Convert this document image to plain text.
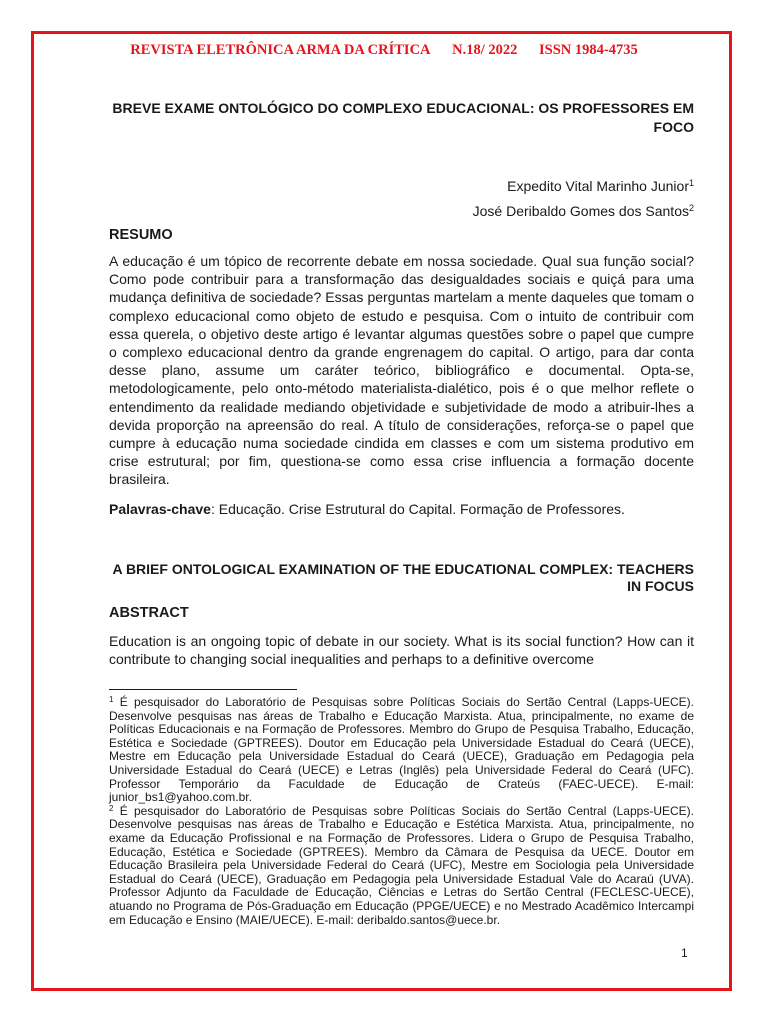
REVISTA ELETRÔNICA ARMA DA CRÍTICA N.18/ 2022 ISSN 1984-4735
BREVE EXAME ONTOLÓGICO DO COMPLEXO EDUCACIONAL: OS PROFESSORES EM FOCO
Expedito Vital Marinho Junior$^1$
José Deribaldo Gomes dos Santos$^2$
RESUMO
A educação é um tópico de recorrente debate em nossa sociedade. Qual sua função social? Como pode contribuir para a transformação das desigualdades sociais e quiçá para uma mudança definitiva de sociedade? Essas perguntas martelam a mente daqueles que tomam o complexo educacional como objeto de estudo e pesquisa. Com o intuito de contribuir com essa querela, o objetivo deste artigo é levantar algumas questões sobre o papel que cumpre o complexo educacional dentro da grande engrenagem do capital. O artigo, para dar conta desse plano, assume um caráter teórico, bibliográfico e documental. Opta-se, metodologicamente, pelo onto-método materialista-dialético, pois é o que melhor reflete o entendimento da realidade mediando objetividade e subjetividade de modo a atribuir-lhes a devida proporção na apreensão do real. A título de considerações, reforça-se o papel que cumpre à educação numa sociedade cindida em classes e com um sistema produtivo em crise estrutural; por fim, questiona-se como essa crise influencia a formação docente brasileira.
Palavras-chave: Educação. Crise Estrutural do Capital. Formação de Professores.
A BRIEF ONTOLOGICAL EXAMINATION OF THE EDUCATIONAL COMPLEX: TEACHERS IN FOCUS
ABSTRACT
Education is an ongoing topic of debate in our society. What is its social function? How can it contribute to changing social inequalities and perhaps to a definitive overcome

$^1$ É pesquisador do Laboratório de Pesquisas sobre Políticas Sociais do Sertão Central (Lapps-UECE). Desenvolve pesquisas nas áreas de Trabalho e Educação Marxista. Atua, principalmente, no exame de Políticas Educacionais e na Formação de Professores. Membro do Grupo de Pesquisa Trabalho, Educação, Estética e Sociedade (GPTREES). Doutor em Educação pela Universidade Estadual do Ceará (UECE), Mestre em Educação pela Universidade Estadual do Ceará (UECE), Graduação em Pedagogia pela Universidade Estadual do Ceará (UECE) e Letras (Inglês) pela Universidade Federal do Ceará (UFC). Professor Temporário da Faculdade de Educação de Crateús (FAEC-UECE). E-mail: junior_bs1@yahoo.com.br.

$^2$ É pesquisador do Laboratório de Pesquisas sobre Políticas Sociais do Sertão Central (Lapps-UECE). Desenvolve pesquisas nas áreas de Trabalho e Educação e Estética Marxista. Atua, principalmente, no exame da Educação Profissional e na Formação de Professores. Lidera o Grupo de Pesquisa Trabalho, Educação, Estética e Sociedade (GPTREES). Membro da Câmara de Pesquisa da UECE. Doutor em Educação Brasileira pela Universidade Federal do Ceará (UFC), Mestre em Sociologia pela Universidade Estadual do Ceará (UECE), Graduação em Pedagogia pela Universidade Estadual Vale do Acaraú (UVA). Professor Adjunto da Faculdade de Educação, Ciências e Letras do Sertão Central (FECLESC-UECE), atuando no Programa de Pós-Graduação em Educação (PPGE/UECE) e no Mestrado Acadêmico Intercampi em Educação e Ensino (MAIE/UECE). E-mail: deribaldo.santos@uece.br.

1
